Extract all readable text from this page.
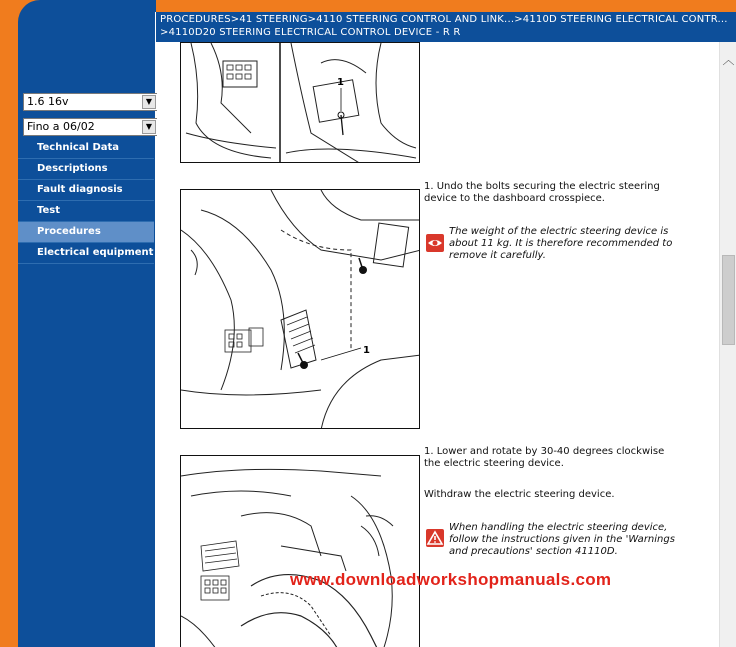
PROCEDURES>41 STEERING>4110 STEERING CONTROL AND LINK...>4110D STEERING ELECTRICAL CONTR...
>4110D20 STEERING ELECTRICAL CONTROL DEVICE - R R
1.6 16v	▼
Fino a 06/02	▼
Technical Data
Descriptions
Fault diagnosis
Test
Procedures
Electrical equipment
1
1
1. Undo the bolts securing the electric steering
device to the dashboard crosspiece.
The weight of the electric steering device is
about 11 kg. It is therefore recommended to
remove it carefully.
1. Lower and rotate by 30-40 degrees clockwise
the electric steering device.
Withdraw the electric steering device.
When handling the electric steering device,
follow the instructions given in the 'Warnings
and precautions' section 41110D.
www.downloadworkshopmanuals.com
︿
